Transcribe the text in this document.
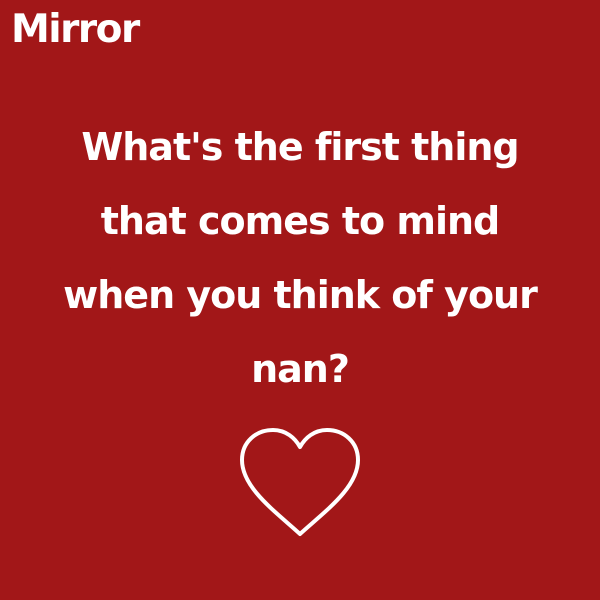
Mirror
What's the first thing that comes to mind when you think of your nan?
